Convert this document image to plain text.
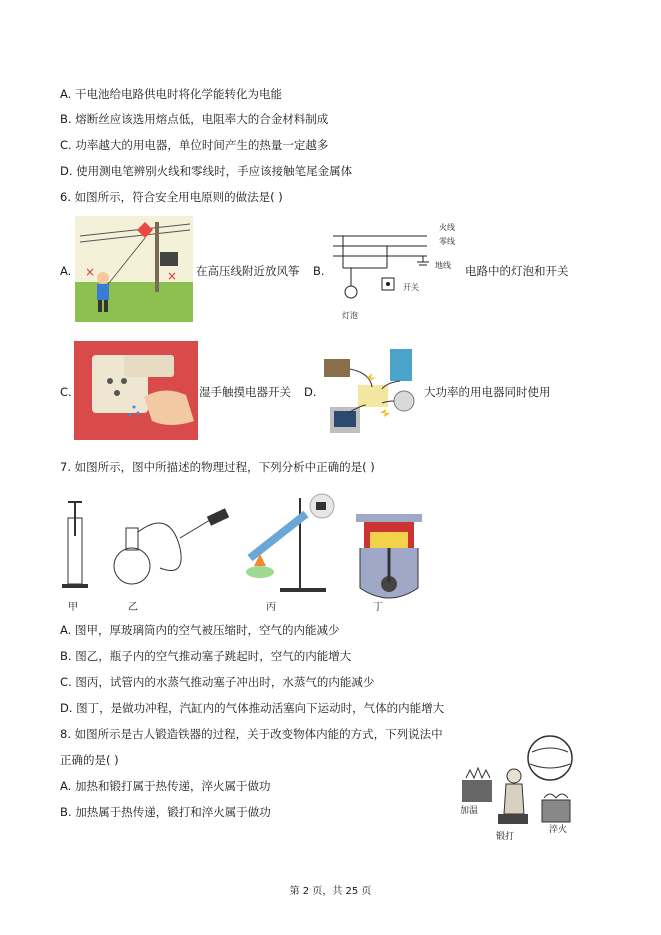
A. 干电池给电路供电时将化学能转化为电能
B. 熔断丝应该选用熔点低，电阻率大的合金材料制成
C. 功率越大的用电器，单位时间产生的热量一定越多
D. 使用测电笔辨别火线和零线时，手应该接触笔尾金属体
6. 如图所示，符合安全用电原则的做法是( )
A. ×	× 在高压线附近放风筝 B.
火线
零线
地线
灯泡
开关
电路中的灯泡和开关
C.	湿手触摸电器开关 D.	大功率的用电器同时使用
7. 如图所示，图中所描述的物理过程，下列分析中正确的是( )
甲	乙	丙	丁
A. 图甲，厚玻璃筒内的空气被压缩时，空气的内能减少
B. 图乙，瓶子内的空气推动塞子跳起时，空气的内能增大
C. 图丙，试管内的水蒸气推动塞子冲出时，水蒸气的内能减少
D. 图丁，是做功冲程，汽缸内的气体推动活塞向下运动时，气体的内能增大
8. 如图所示是古人锻造铁器的过程，关于改变物体内能的方式，下列说法中
正确的是( )
A. 加热和锻打属于热传递，淬火属于做功
B. 加热属于热传递，锻打和淬火属于做功	加温
锻打
淬火
第 2 页，共 25 页
